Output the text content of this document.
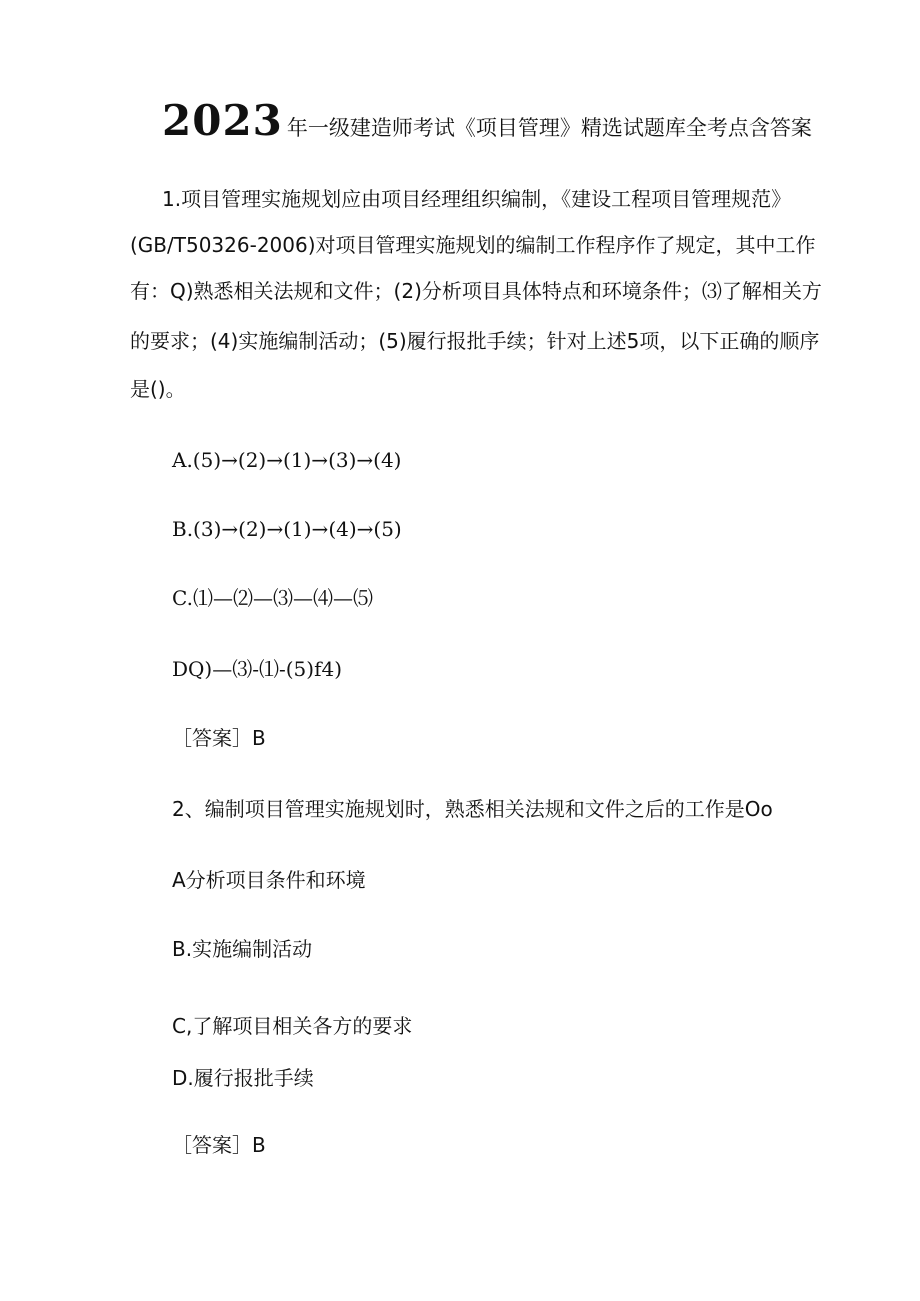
2023 年一级建造师考试《项目管理》精选试题库全考点含答案
1.项目管理实施规划应由项目经理组织编制，《建设工程项目管理规范》
(GB/T50326-2006)对项目管理实施规划的编制工作程序作了规定，其中工作
有：Q)熟悉相关法规和文件；(2)分析项目具体特点和环境条件；⑶了解相关方
的要求；(4)实施编制活动；(5)履行报批手续；针对上述5项，以下正确的顺序
是()。
A.(5)→(2)→(1)→(3)→(4)
B.(3)→(2)→(1)→(4)→(5)
C.⑴—⑵—⑶—⑷—⑸
DQ)—⑶-⑴-(5)f4)
［答案］B
2、编制项目管理实施规划时，熟悉相关法规和文件之后的工作是Oo
A分析项目条件和环境
B.实施编制活动
C,了解项目相关各方的要求
D.履行报批手续
［答案］B
